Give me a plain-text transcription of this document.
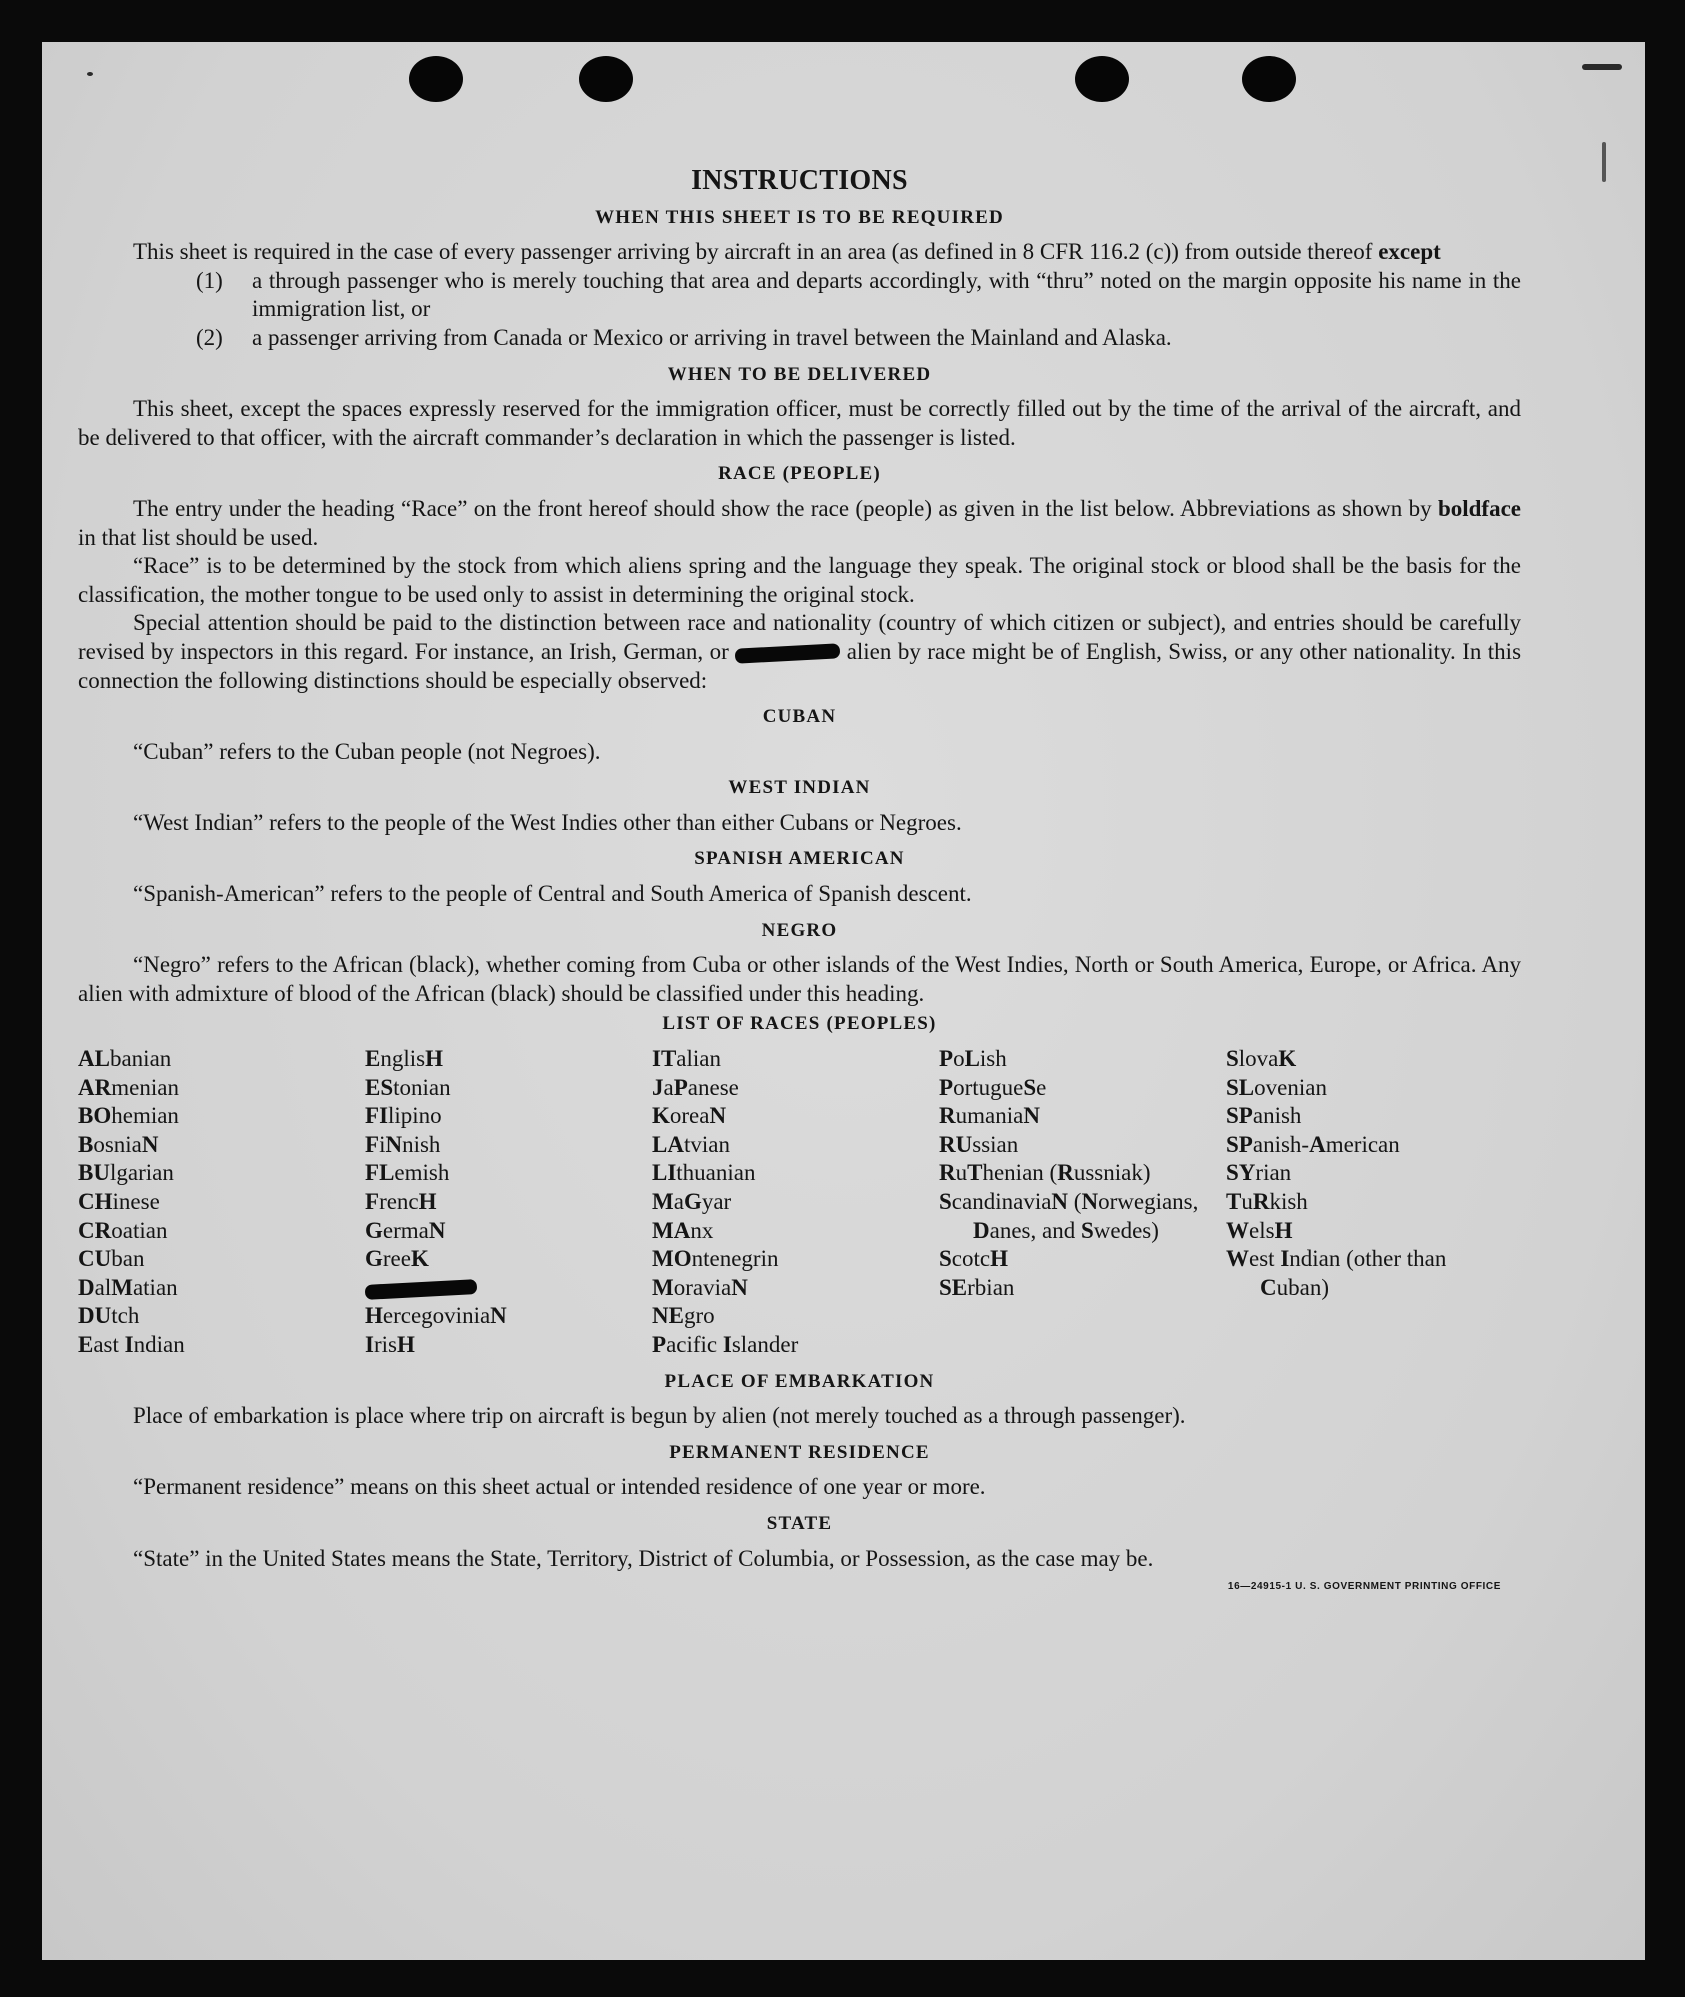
INSTRUCTIONS
WHEN THIS SHEET IS TO BE REQUIRED

This sheet is required in the case of every passenger arriving by aircraft in an area (as defined in 8 CFR 116.2 (c)) from outside thereof except

(1)	a through passenger who is merely touching that area and departs accordingly, with “thru” noted on the margin opposite his name in the immigration list, or
(2)	a passenger arriving from Canada or Mexico or arriving in travel between the Mainland and Alaska.
WHEN TO BE DELIVERED

This sheet, except the spaces expressly reserved for the immigration officer, must be correctly filled out by the time of the arrival of the aircraft, and be delivered to that officer, with the aircraft commander’s declaration in which the passenger is listed.

RACE (PEOPLE)

The entry under the heading “Race” on the front hereof should show the race (people) as given in the list below. Abbreviations as shown by boldface in that list should be used.

“Race” is to be determined by the stock from which aliens spring and the language they speak. The original stock or blood shall be the basis for the classification, the mother tongue to be used only to assist in determining the original stock.

Special attention should be paid to the distinction between race and nationality (country of which citizen or subject), and entries should be carefully revised by inspectors in this regard. For instance, an Irish, German, or	alien by race might be of English, Swiss, or any other nationality. In this connection the following distinctions should be especially observed:

CUBAN

“Cuban” refers to the Cuban people (not Negroes).

WEST INDIAN

“West Indian” refers to the people of the West Indies other than either Cubans or Negroes.

SPANISH AMERICAN

“Spanish-American” refers to the people of Central and South America of Spanish descent.

NEGRO

“Negro” refers to the African (black), whether coming from Cuba or other islands of the West Indies, North or South America, Europe, or Africa. Any alien with admixture of blood of the African (black) should be classified under this heading.

LIST OF RACES (PEOPLES)
ALbanian
ARmenian
BOhemian
BosniaN
BUlgarian
CHinese
CRoatian
CUban
DalMatian
DUtch
East Indian
EnglisH
EStonian
FIlipino
FiNnish
FLemish
FrencH
GermaN
GreeK
HercegoviniaN
IrisH
ITalian
JaPanese
KoreaN
LAtvian
LIthuanian
MaGyar
MAnx
MOntenegrin
MoraviaN
NEgro
Pacific Islander
PoLish
PortugueSe
RumaniaN
RUssian
RuThenian (Russniak)
ScandinaviaN (Norwegians, Danes, and Swedes)
ScotcH
SErbian
SlovaK
SLovenian
SPanish
SPanish-American
SYrian
TuRkish
WelsH
West Indian (other than Cuban)
PLACE OF EMBARKATION

Place of embarkation is place where trip on aircraft is begun by alien (not merely touched as a through passenger).

PERMANENT RESIDENCE

“Permanent residence” means on this sheet actual or intended residence of one year or more.

STATE

“State” in the United States means the State, Territory, District of Columbia, or Possession, as the case may be.

16—24915-1 U. S. GOVERNMENT PRINTING OFFICE
